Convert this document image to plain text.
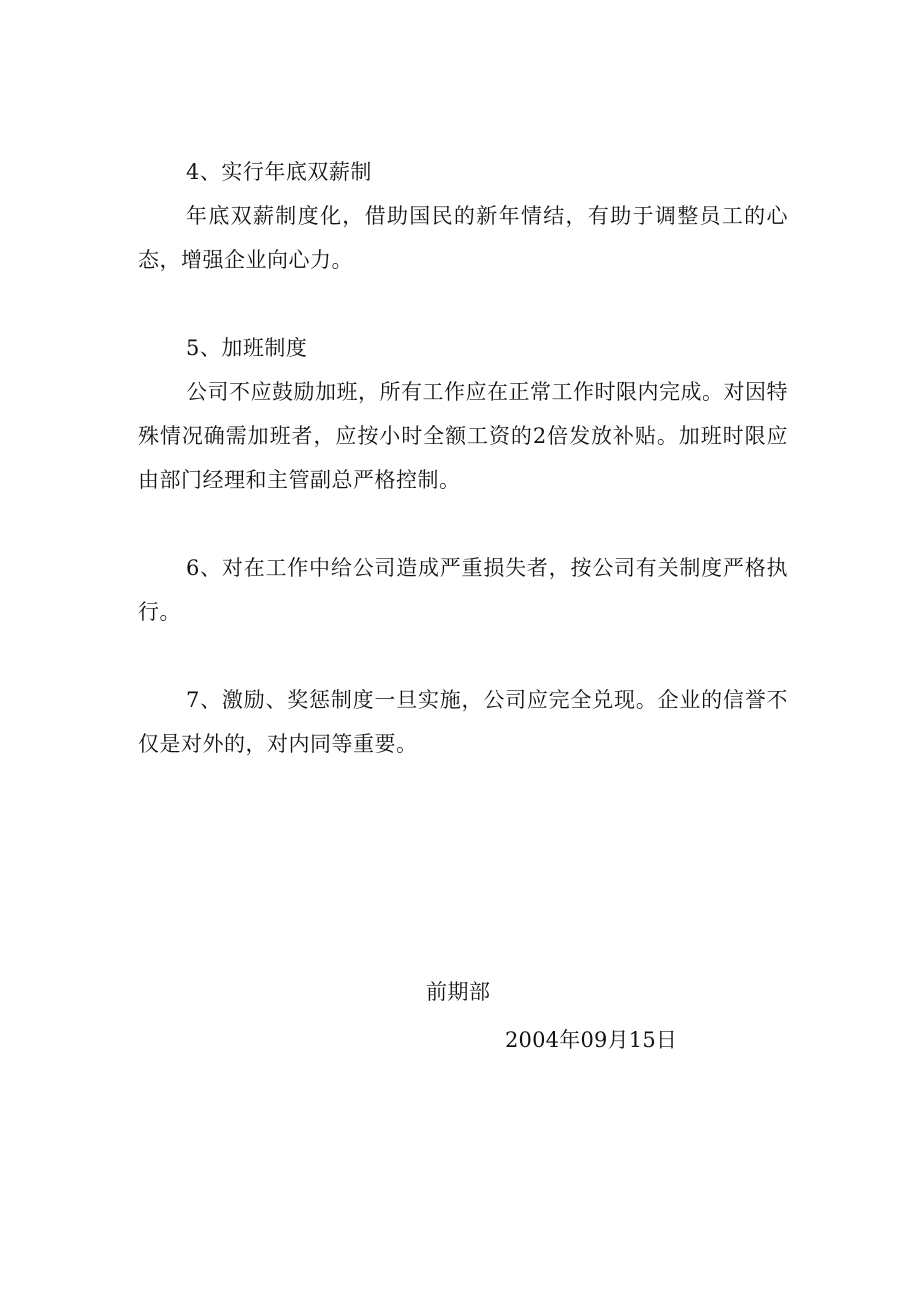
4、实行年底双薪制

年底双薪制度化，借助国民的新年情结，有助于调整员工的心态，增强企业向心力。

5、加班制度

公司不应鼓励加班，所有工作应在正常工作时限内完成。对因特殊情况确需加班者，应按小时全额工资的2倍发放补贴。加班时限应由部门经理和主管副总严格控制。

6、对在工作中给公司造成严重损失者，按公司有关制度严格执行。

7、激励、奖惩制度一旦实施，公司应完全兑现。企业的信誉不仅是对外的，对内同等重要。

前期部
2004年09月15日
